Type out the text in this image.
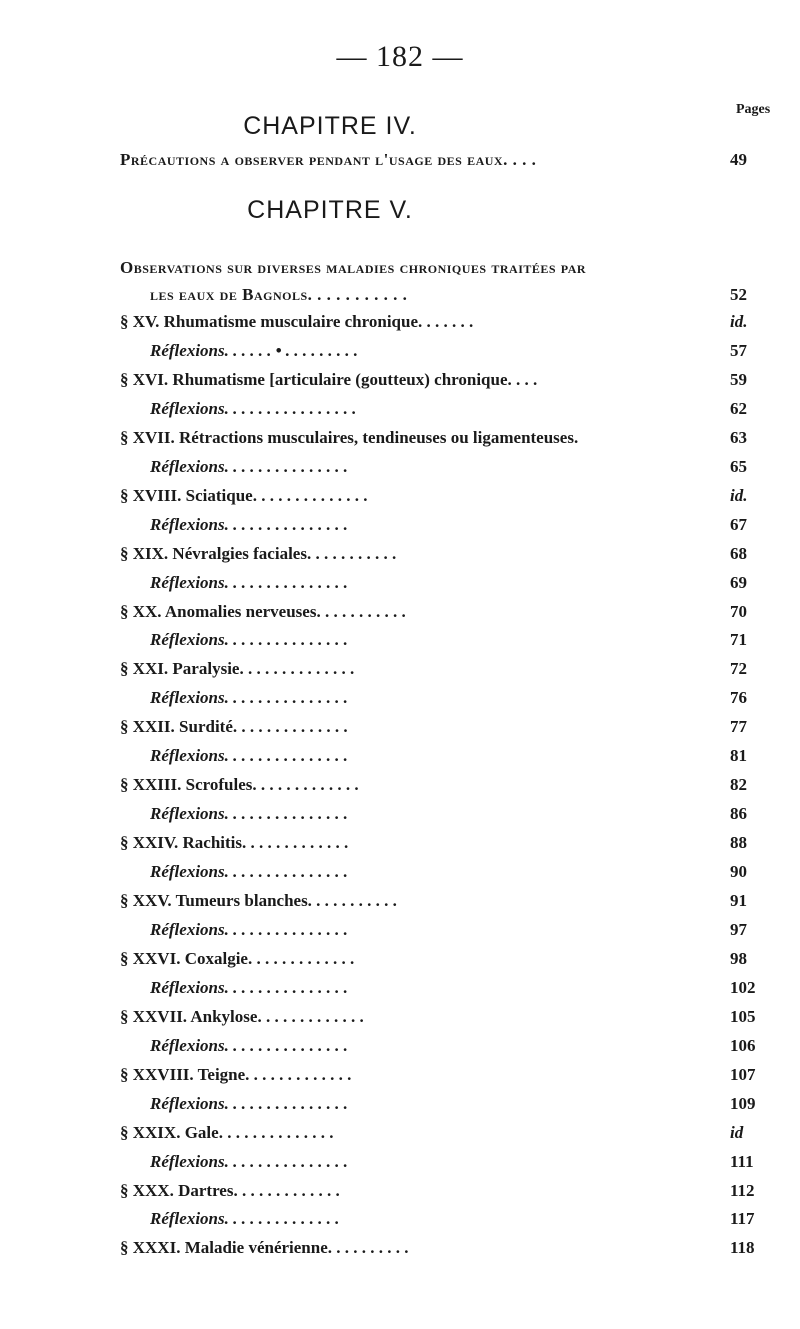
— 182 —
Pages
CHAPITRE IV.
Précautions a observer pendant l'usage des eaux. . . .	49
CHAPITRE V.
Observations sur diverses maladies chroniques traitées par
les eaux de Bagnols. . . . . . . . . . .	52
§ XV. Rhumatisme musculaire chronique. . . . . . .	id.
Réflexions. . . . . . • . . . . . . . . .	57
§ XVI. Rhumatisme [articulaire (goutteux) chronique. . . .	59
Réflexions. . . . . . . . . . . . . . . .	62
§ XVII. Rétractions musculaires, tendineuses ou ligamenteuses.	63
Réflexions. . . . . . . . . . . . . . .	65
§ XVIII. Sciatique. . . . . . . . . . . . . .	id.
Réflexions. . . . . . . . . . . . . . .	67
§ XIX. Névralgies faciales. . . . . . . . . . .	68
Réflexions. . . . . . . . . . . . . . .	69
§ XX. Anomalies nerveuses. . . . . . . . . . .	70
Réflexions. . . . . . . . . . . . . . .	71
§ XXI. Paralysie. . . . . . . . . . . . . .	72
Réflexions. . . . . . . . . . . . . . .	76
§ XXII. Surdité. . . . . . . . . . . . . .	77
Réflexions. . . . . . . . . . . . . . .	81
§ XXIII. Scrofules. . . . . . . . . . . . .	82
Réflexions. . . . . . . . . . . . . . .	86
§ XXIV. Rachitis. . . . . . . . . . . . .	88
Réflexions. . . . . . . . . . . . . . .	90
§ XXV. Tumeurs blanches. . . . . . . . . . .	91
Réflexions. . . . . . . . . . . . . . .	97
§ XXVI. Coxalgie. . . . . . . . . . . . .	98
Réflexions. . . . . . . . . . . . . . .	102
§ XXVII. Ankylose. . . . . . . . . . . . .	105
Réflexions. . . . . . . . . . . . . . .	106
§ XXVIII. Teigne. . . . . . . . . . . . .	107
Réflexions. . . . . . . . . . . . . . .	109
§ XXIX. Gale. . . . . . . . . . . . . .	id
Réflexions. . . . . . . . . . . . . . .	111
§ XXX. Dartres. . . . . . . . . . . . .	112
Réflexions. . . . . . . . . . . . . .	117
§ XXXI. Maladie vénérienne. . . . . . . . . .	118
